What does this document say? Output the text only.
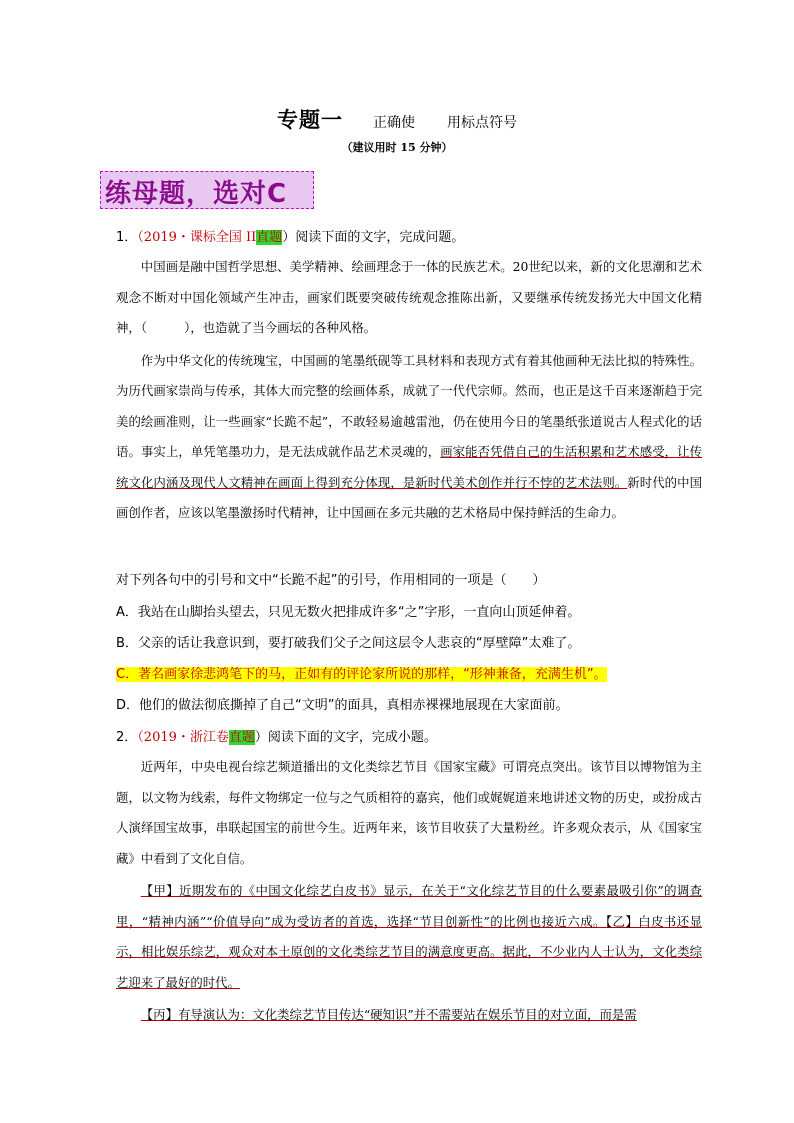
专题一 正确使 用标点符号
（建议用时 15 分钟）
练母题，选对C
1．（2019・课标全国 II直题）阅读下面的文字，完成问题。

中国画是融中国哲学思想、美学精神、绘画理念于一体的民族艺术。20世纪以来，新的文化思潮和艺术观念不断对中国化领域产生冲击，画家们既要突破传统观念推陈出新，又要继承传统发扬光大中国文化精神，（　　　），也造就了当今画坛的各种风格。

作为中华文化的传统瑰宝，中国画的笔墨纸砚等工具材料和表现方式有着其他画种无法比拟的特殊性。为历代画家崇尚与传承，其体大而完整的绘画体系，成就了一代代宗师。然而，也正是这千百来逐渐趋于完美的绘画准则，让一些画家“长跪不起”，不敢轻易逾越雷池，仍在使用今日的笔墨纸张道说古人程式化的话语。事实上，单凭笔墨功力，是无法成就作品艺术灵魂的，画家能否凭借自己的生活积累和艺术感受，让传统文化内涵及现代人文精神在画面上得到充分体现，是新时代美术创作并行不悖的艺术法则。新时代的中国画创作者，应该以笔墨激扬时代精神，让中国画在多元共融的艺术格局中保持鲜活的生命力。

对下列各句中的引号和文中“长跪不起”的引号，作用相同的一项是（　　）
A．我站在山脚抬头望去，只见无数火把排成许多“之”字形，一直向山顶延伸着。
B．父亲的话让我意识到，要打破我们父子之间这层令人悲哀的“厚壁障”太难了。
C．著名画家徐悲鸿笔下的马，正如有的评论家所说的那样，“形神兼备，充满生机”。
D．他们的做法彻底撕掉了自己“文明”的面具，真相赤裸裸地展现在大家面前。
2．（2019・浙江卷直题）阅读下面的文字，完成小题。

近两年，中央电视台综艺频道播出的文化类综艺节目《国家宝藏》可谓亮点突出。该节目以博物馆为主题，以文物为线索，每件文物绑定一位与之气质相符的嘉宾，他们或娓娓道来地讲述文物的历史，或扮成古人演绎国宝故事，串联起国宝的前世今生。近两年来，该节目收获了大量粉丝。许多观众表示，从《国家宝藏》中看到了文化自信。

【甲】近期发布的《中国文化综艺白皮书》显示，在关于“文化综艺节目的什么要素最吸引你”的调查里，“精神内涵”“价值导向”成为受访者的首选，选择“节目创新性”的比例也接近六成。【乙】白皮书还显示，相比娱乐综艺，观众对本土原创的文化类综艺节目的满意度更高。据此，不少业内人士认为，文化类综艺迎来了最好的时代。

【丙】有导演认为：文化类综艺节目传达“硬知识”并不需要站在娱乐节目的对立面，而是需
